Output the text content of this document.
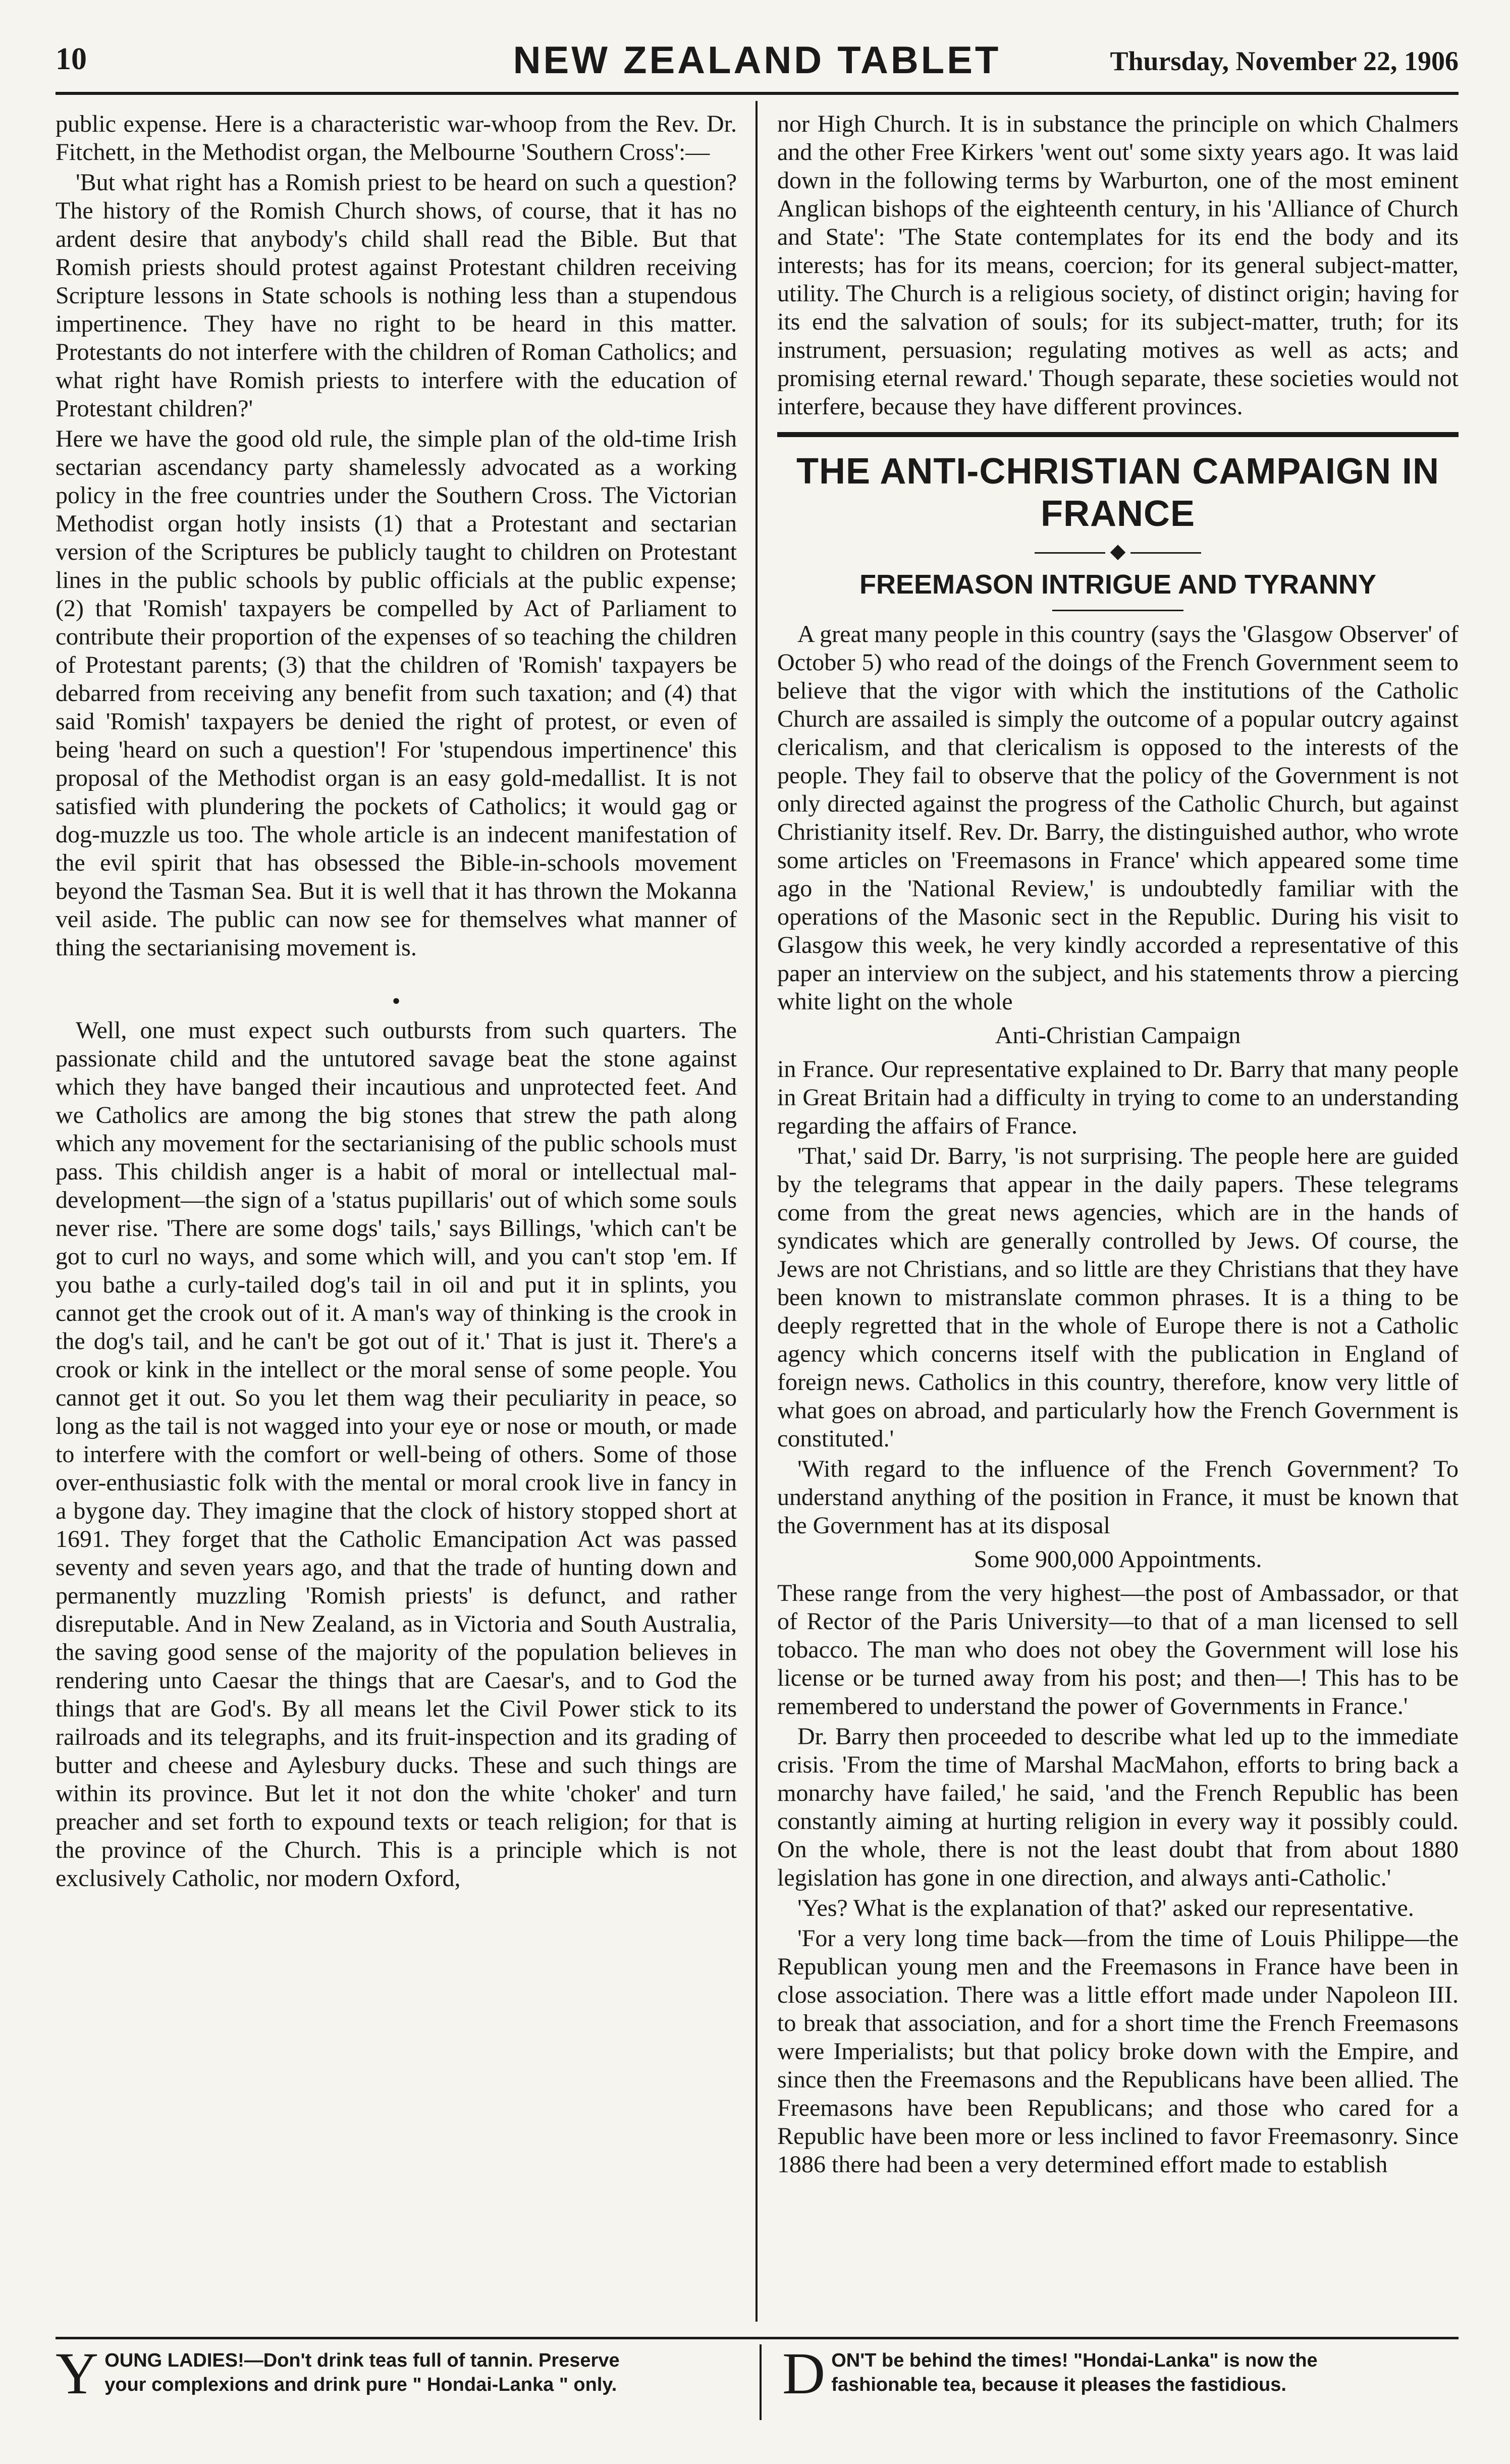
10	NEW ZEALAND TABLET	Thursday, November 22, 1906

public expense. Here is a characteristic war-whoop from the Rev. Dr. Fitchett, in the Methodist organ, the Melbourne 'Southern Cross':—

'But what right has a Romish priest to be heard on such a question? The history of the Romish Church shows, of course, that it has no ardent desire that anybody's child shall read the Bible. But that Romish priests should protest against Protestant children receiving Scripture lessons in State schools is nothing less than a stupendous impertinence. They have no right to be heard in this matter. Protestants do not interfere with the children of Roman Catholics; and what right have Romish priests to interfere with the education of Protestant children?'

Here we have the good old rule, the simple plan of the old-time Irish sectarian ascendancy party shamelessly advocated as a working policy in the free countries under the Southern Cross. The Victorian Methodist organ hotly insists (1) that a Protestant and sectarian version of the Scriptures be publicly taught to children on Protestant lines in the public schools by public officials at the public expense; (2) that 'Romish' taxpayers be compelled by Act of Parliament to contribute their proportion of the expenses of so teaching the children of Protestant parents; (3) that the children of 'Romish' taxpayers be debarred from receiving any benefit from such taxation; and (4) that said 'Romish' taxpayers be denied the right of protest, or even of being 'heard on such a question'! For 'stupendous impertinence' this proposal of the Methodist organ is an easy gold-medallist. It is not satisfied with plundering the pockets of Catholics; it would gag or dog-muzzle us too. The whole article is an indecent manifestation of the evil spirit that has obsessed the Bible-in-schools movement beyond the Tasman Sea. But it is well that it has thrown the Mokanna veil aside. The public can now see for themselves what manner of thing the sectarianising movement is.

•

Well, one must expect such outbursts from such quarters. The passionate child and the untutored savage beat the stone against which they have banged their incautious and unprotected feet. And we Catholics are among the big stones that strew the path along which any movement for the sectarianising of the public schools must pass. This childish anger is a habit of moral or intellectual mal-development—the sign of a 'status pupillaris' out of which some souls never rise. 'There are some dogs' tails,' says Billings, 'which can't be got to curl no ways, and some which will, and you can't stop 'em. If you bathe a curly-tailed dog's tail in oil and put it in splints, you cannot get the crook out of it. A man's way of thinking is the crook in the dog's tail, and he can't be got out of it.' That is just it. There's a crook or kink in the intellect or the moral sense of some people. You cannot get it out. So you let them wag their peculiarity in peace, so long as the tail is not wagged into your eye or nose or mouth, or made to interfere with the comfort or well-being of others. Some of those over-enthusiastic folk with the mental or moral crook live in fancy in a bygone day. They imagine that the clock of history stopped short at 1691. They forget that the Catholic Emancipation Act was passed seventy and seven years ago, and that the trade of hunting down and permanently muzzling 'Romish priests' is defunct, and rather disreputable. And in New Zealand, as in Victoria and South Australia, the saving good sense of the majority of the population believes in rendering unto Caesar the things that are Caesar's, and to God the things that are God's. By all means let the Civil Power stick to its railroads and its telegraphs, and its fruit-inspection and its grading of butter and cheese and Aylesbury ducks. These and such things are within its province. But let it not don the white 'choker' and turn preacher and set forth to expound texts or teach religion; for that is the province of the Church. This is a principle which is not exclusively Catholic, nor modern Oxford,

nor High Church. It is in substance the principle on which Chalmers and the other Free Kirkers 'went out' some sixty years ago. It was laid down in the following terms by Warburton, one of the most eminent Anglican bishops of the eighteenth century, in his 'Alliance of Church and State': 'The State contemplates for its end the body and its interests; has for its means, coercion; for its general subject-matter, utility. The Church is a religious society, of distinct origin; having for its end the salvation of souls; for its subject-matter, truth; for its instrument, persuasion; regulating motives as well as acts; and promising eternal reward.' Though separate, these societies would not interfere, because they have different provinces.

THE ANTI-CHRISTIAN CAMPAIGN IN FRANCE
◆
FREEMASON INTRIGUE AND TYRANNY

A great many people in this country (says the 'Glasgow Observer' of October 5) who read of the doings of the French Government seem to believe that the vigor with which the institutions of the Catholic Church are assailed is simply the outcome of a popular outcry against clericalism, and that clericalism is opposed to the interests of the people. They fail to observe that the policy of the Government is not only directed against the progress of the Catholic Church, but against Christianity itself. Rev. Dr. Barry, the distinguished author, who wrote some articles on 'Freemasons in France' which appeared some time ago in the 'National Review,' is undoubtedly familiar with the operations of the Masonic sect in the Republic. During his visit to Glasgow this week, he very kindly accorded a representative of this paper an interview on the subject, and his statements throw a piercing white light on the whole

Anti-Christian Campaign

in France. Our representative explained to Dr. Barry that many people in Great Britain had a difficulty in trying to come to an understanding regarding the affairs of France.

'That,' said Dr. Barry, 'is not surprising. The people here are guided by the telegrams that appear in the daily papers. These telegrams come from the great news agencies, which are in the hands of syndicates which are generally controlled by Jews. Of course, the Jews are not Christians, and so little are they Christians that they have been known to mistranslate common phrases. It is a thing to be deeply regretted that in the whole of Europe there is not a Catholic agency which concerns itself with the publication in England of foreign news. Catholics in this country, therefore, know very little of what goes on abroad, and particularly how the French Government is constituted.'

'With regard to the influence of the French Government? To understand anything of the position in France, it must be known that the Government has at its disposal

Some 900,000 Appointments.

These range from the very highest—the post of Ambassador, or that of Rector of the Paris University—to that of a man licensed to sell tobacco. The man who does not obey the Government will lose his license or be turned away from his post; and then—! This has to be remembered to understand the power of Governments in France.'

Dr. Barry then proceeded to describe what led up to the immediate crisis. 'From the time of Marshal MacMahon, efforts to bring back a monarchy have failed,' he said, 'and the French Republic has been constantly aiming at hurting religion in every way it possibly could. On the whole, there is not the least doubt that from about 1880 legislation has gone in one direction, and always anti-Catholic.'

'Yes? What is the explanation of that?' asked our representative.

'For a very long time back—from the time of Louis Philippe—the Republican young men and the Freemasons in France have been in close association. There was a little effort made under Napoleon III. to break that association, and for a short time the French Freemasons were Imperialists; but that policy broke down with the Empire, and since then the Freemasons and the Republicans have been allied. The Freemasons have been Republicans; and those who cared for a Republic have been more or less inclined to favor Freemasonry. Since 1886 there had been a very determined effort made to establish

Y OUNG LADIES!—Don't drink teas full of tannin. Preserve
your complexions and drink pure " Hondai-Lanka " only.	D ON'T be behind the times! "Hondai-Lanka" is now the
fashionable tea, because it pleases the fastidious.
